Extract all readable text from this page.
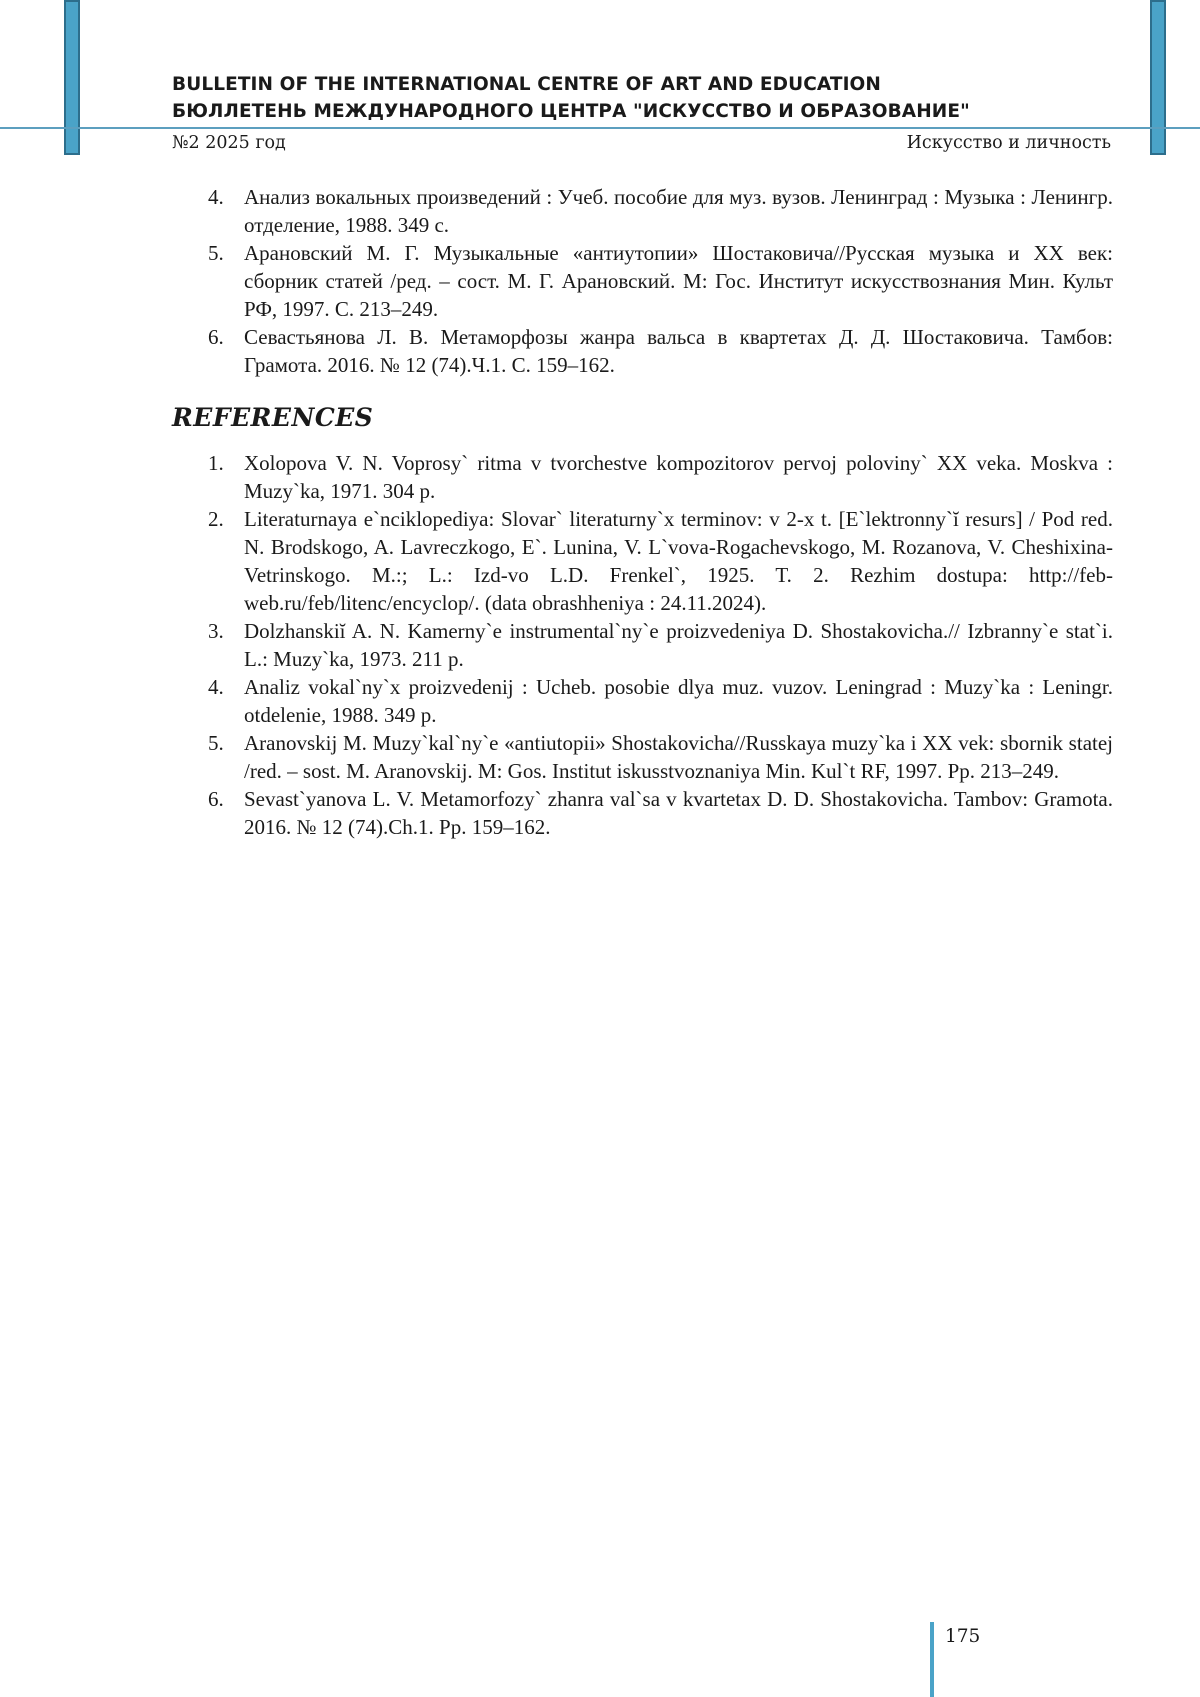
BULLETIN OF THE INTERNATIONAL CENTRE OF ART AND EDUCATION
БЮЛЛЕТЕНЬ МЕЖДУНАРОДНОГО ЦЕНТРА "ИСКУССТВО И ОБРАЗОВАНИЕ"
№2 2025 год	Искусство и личность
4. Анализ вокальных произведений : Учеб. пособие для муз. вузов. Ленинград : Музыка : Ленингр. отделение, 1988. 349 с.
5. Арановский М. Г. Музыкальные «антиутопии» Шостаковича//Русская музыка и XX век: сборник статей /ред. – сост. М. Г. Арановский. М: Гос. Институт искусствознания Мин. Культ РФ, 1997. С. 213–249.
6. Севастьянова Л. В. Метаморфозы жанра вальса в квартетах Д. Д. Шостаковича. Тамбов: Грамота. 2016. № 12 (74).Ч.1. С. 159–162.
REFERENCES
1. Xolopova V. N. Voprosy` ritma v tvorchestve kompozitorov pervoj poloviny` XX veka. Moskva : Muzy`ka, 1971. 304 p.
2. Literaturnaya e`nciklopediya: Slovar` literaturny`x terminov: v 2-x t. [E`lektronny`ĭ resurs] / Pod red. N. Brodskogo, A. Lavreczkogo, E`. Lunina, V. L`vova-Rogachevskogo, M. Rozanova, V. Cheshixina-Vetrinskogo. M.:; L.: Izd-vo L.D. Frenkel`, 1925. T. 2. Rezhim dostupa: http://feb-web.ru/feb/litenc/encyclop/. (data obrashheniya : 24.11.2024).
3. Dolzhanskiĭ A. N. Kamerny`e instrumental`ny`e proizvedeniya D. Shostakovicha.// Izbranny`e stat`i. L.: Muzy`ka, 1973. 211 p.
4. Analiz vokal`ny`x proizvedenij : Ucheb. posobie dlya muz. vuzov. Leningrad : Muzy`ka : Leningr. otdelenie, 1988. 349 p.
5. Aranovskij M. Muzy`kal`ny`e «antiutopii» Shostakovicha//Russkaya muzy`ka i XX vek: sbornik statej /red. – sost. M. Aranovskij. M: Gos. Institut iskusstvoznaniya Min. Kul`t RF, 1997. Pp. 213–249.
6. Sevast`yanova L. V. Metamorfozy` zhanra val`sa v kvartetax D. D. Shostakovicha. Tambov: Gramota. 2016. № 12 (74).Ch.1. Pp. 159–162.
175
